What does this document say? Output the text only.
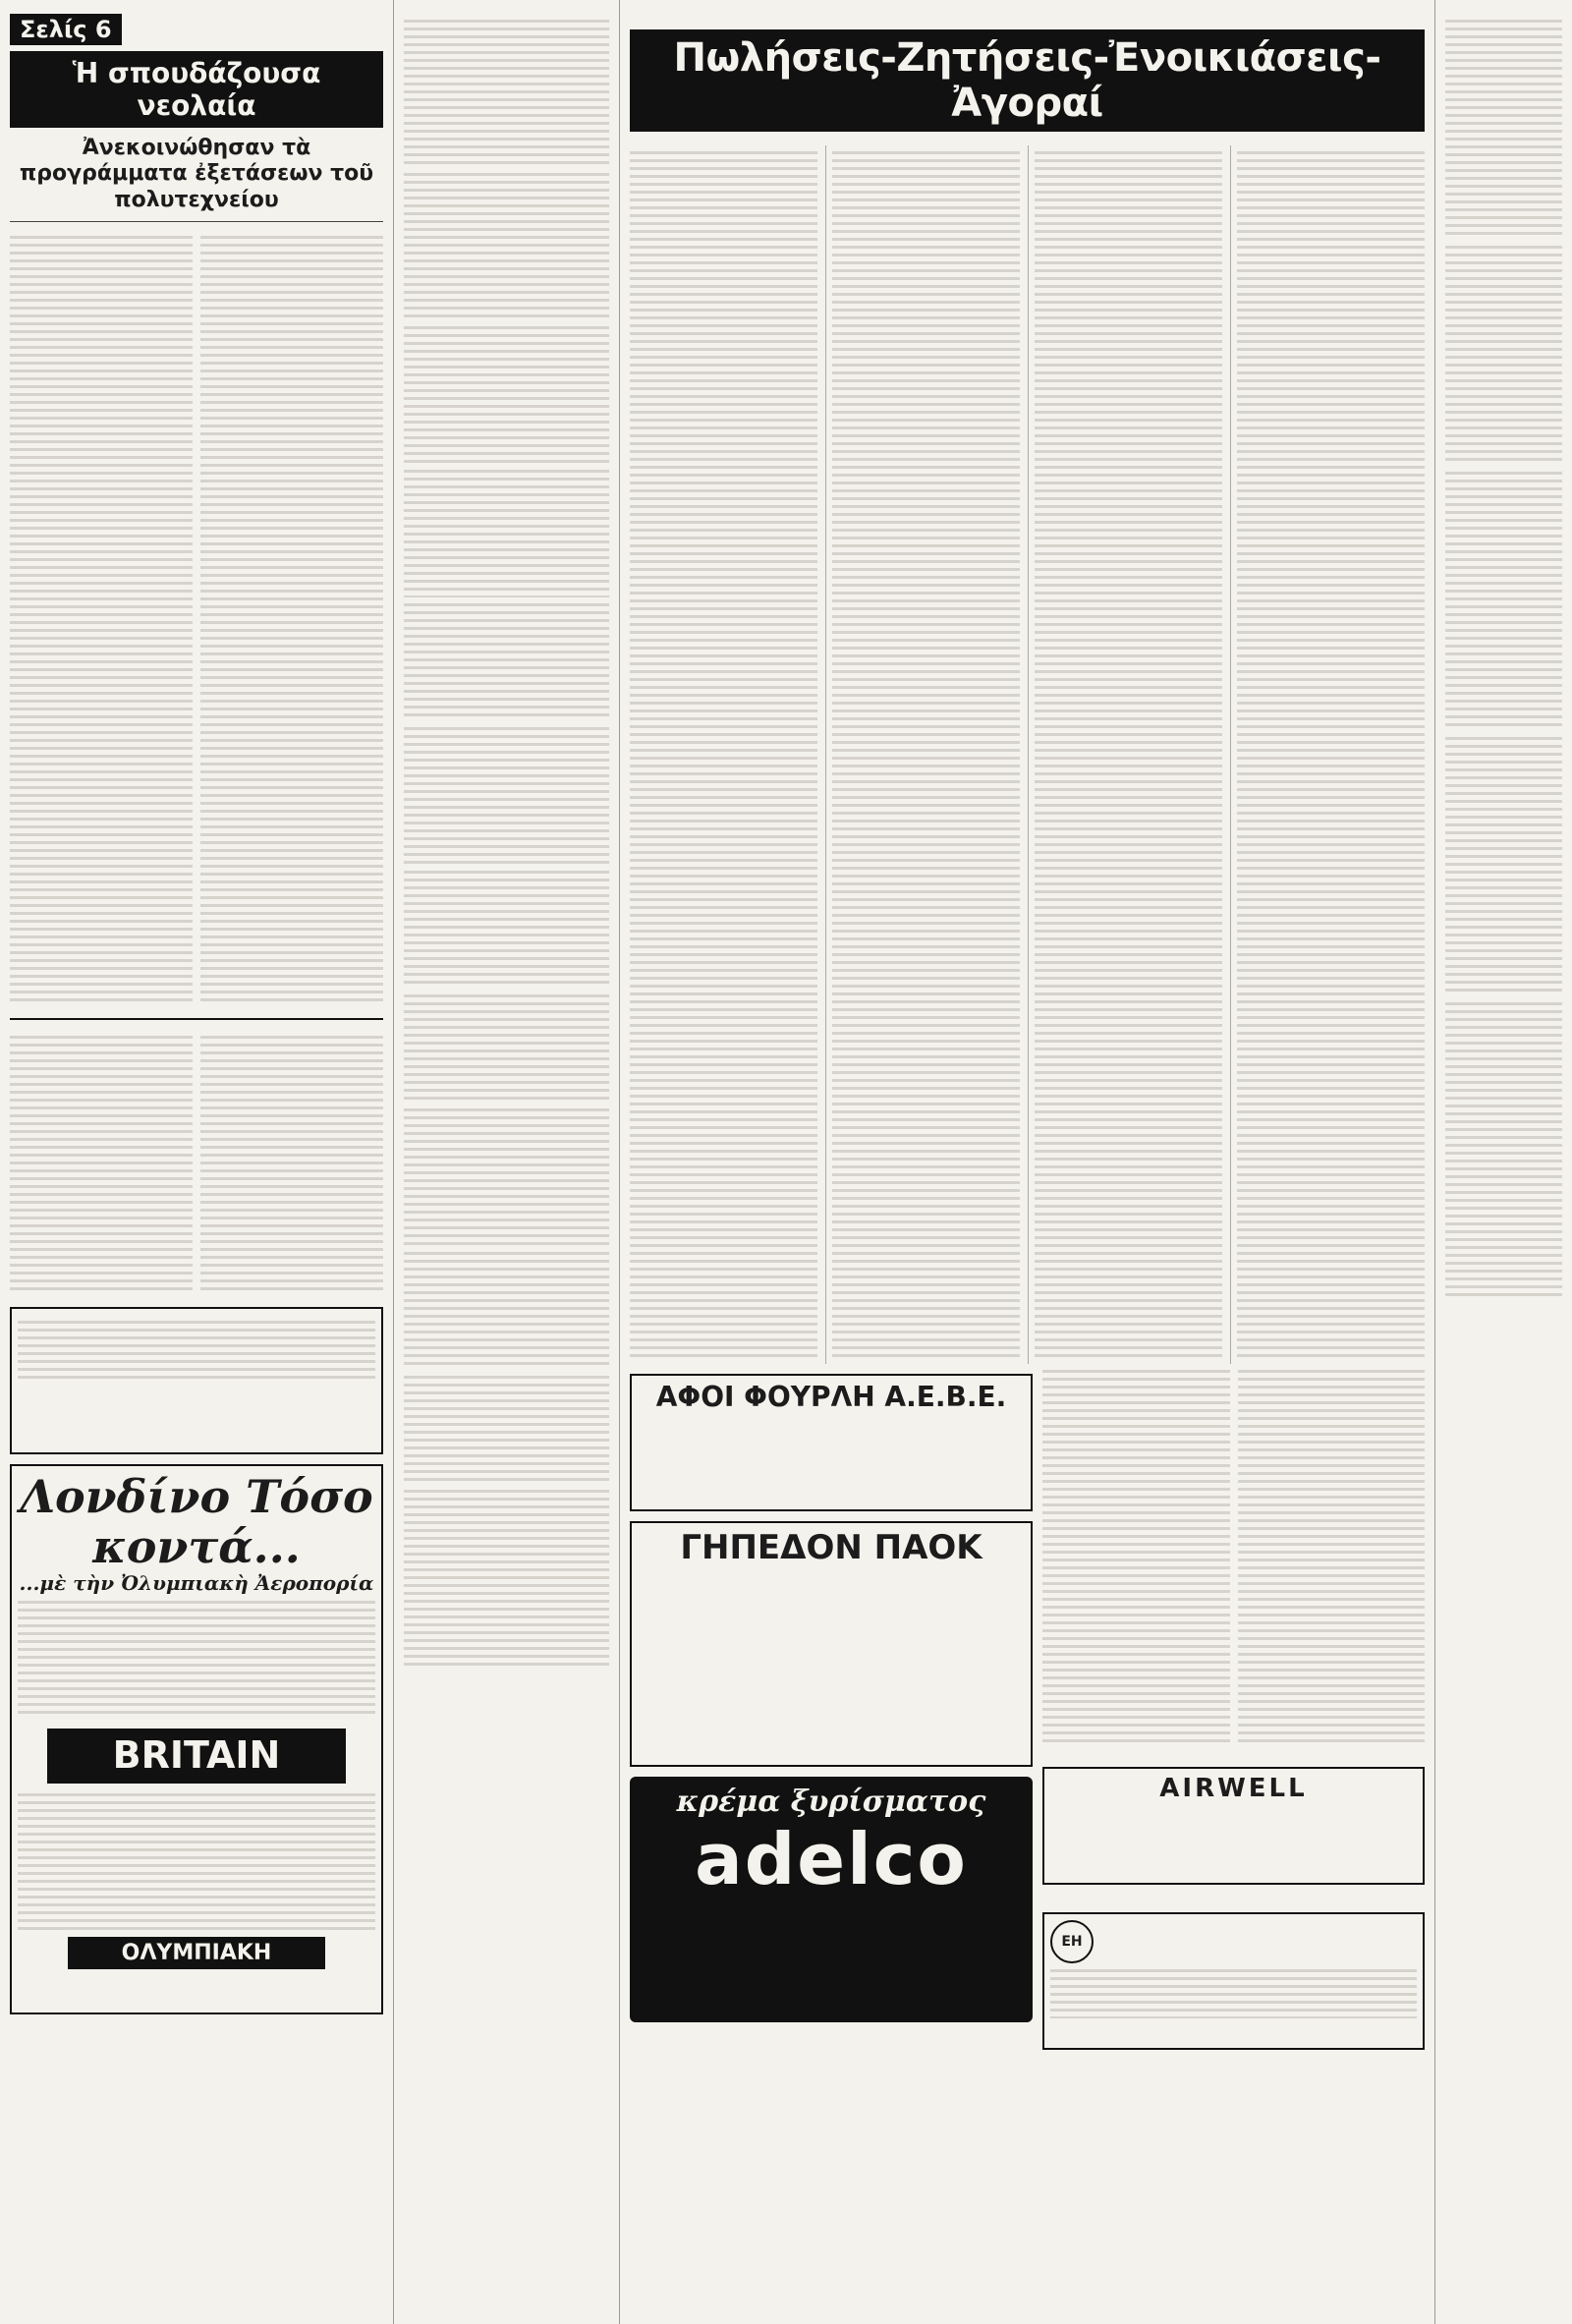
Σελίς 6
Ἡ σπουδάζουσα νεολαία
Ἀνεκοινώθησαν τὰ προγράμματα ἐξετάσεων τοῦ πολυτεχνείου
Λονδίνο Τόσο κοντά...
...μὲ τὴν Ὀλυμπιακὴ Ἀεροπορία
BRITAIN
ΟΛΥΜΠΙΑΚΗ
Πωλήσεις-Ζητήσεις-Ἐνοικιάσεις-Ἀγοραί
ΑΦΟΙ ΦΟΥΡΛΗ Α.Ε.Β.Ε.
ΓΗΠΕΔΟΝ ΠΑΟΚ
κρέμα ξυρίσματος
adelco
AIRWELL
ΕΗ
